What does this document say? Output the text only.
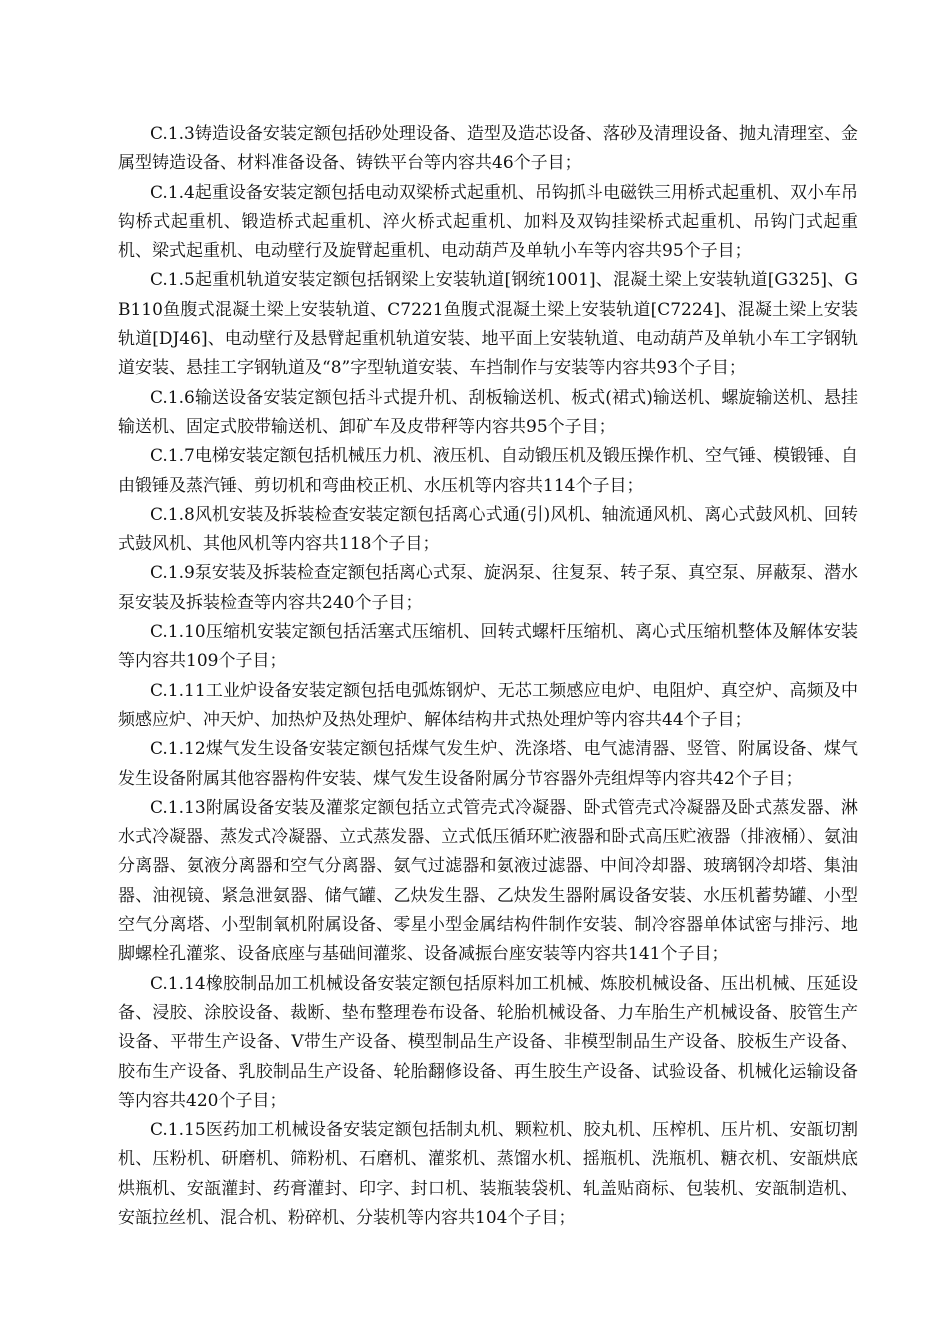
C.1.3铸造设备安装定额包括砂处理设备、造型及造芯设备、落砂及清理设备、抛丸清理室、金属型铸造设备、材料准备设备、铸铁平台等内容共46个子目；

C.1.4起重设备安装定额包括电动双梁桥式起重机、吊钩抓斗电磁铁三用桥式起重机、双小车吊钩桥式起重机、锻造桥式起重机、淬火桥式起重机、加料及双钩挂梁桥式起重机、吊钩门式起重机、梁式起重机、电动壁行及旋臂起重机、电动葫芦及单轨小车等内容共95个子目；

C.1.5起重机轨道安装定额包括钢梁上安装轨道[钢统1001]、混凝土梁上安装轨道[G325]、GB110鱼腹式混凝土梁上安装轨道、C7221鱼腹式混凝土梁上安装轨道[C7224]、混凝土梁上安装轨道[DJ46]、电动壁行及悬臂起重机轨道安装、地平面上安装轨道、电动葫芦及单轨小车工字钢轨道安装、悬挂工字钢轨道及“8”字型轨道安装、车挡制作与安装等内容共93个子目；

C.1.6输送设备安装定额包括斗式提升机、刮板输送机、板式(裙式)输送机、螺旋输送机、悬挂输送机、固定式胶带输送机、卸矿车及皮带秤等内容共95个子目；

C.1.7电梯安装定额包括机械压力机、液压机、自动锻压机及锻压操作机、空气锤、模锻锤、自由锻锤及蒸汽锤、剪切机和弯曲校正机、水压机等内容共114个子目；

C.1.8风机安装及拆装检查安装定额包括离心式通(引)风机、轴流通风机、离心式鼓风机、回转式鼓风机、其他风机等内容共118个子目；

C.1.9泵安装及拆装检查定额包括离心式泵、旋涡泵、往复泵、转子泵、真空泵、屏蔽泵、潜水泵安装及拆装检查等内容共240个子目；

C.1.10压缩机安装定额包括活塞式压缩机、回转式螺杆压缩机、离心式压缩机整体及解体安装等内容共109个子目；

C.1.11工业炉设备安装定额包括电弧炼钢炉、无芯工频感应电炉、电阻炉、真空炉、高频及中频感应炉、冲天炉、加热炉及热处理炉、解体结构井式热处理炉等内容共44个子目；

C.1.12煤气发生设备安装定额包括煤气发生炉、洗涤塔、电气滤清器、竖管、附属设备、煤气发生设备附属其他容器构件安装、煤气发生设备附属分节容器外壳组焊等内容共42个子目；

C.1.13附属设备安装及灌浆定额包括立式管壳式冷凝器、卧式管壳式冷凝器及卧式蒸发器、淋水式冷凝器、蒸发式冷凝器、立式蒸发器、立式低压循环贮液器和卧式高压贮液器（排液桶）、氨油分离器、氨液分离器和空气分离器、氨气过滤器和氨液过滤器、中间冷却器、玻璃钢冷却塔、集油器、油视镜、紧急泄氨器、储气罐、乙炔发生器、乙炔发生器附属设备安装、水压机蓄势罐、小型空气分离塔、小型制氧机附属设备、零星小型金属结构件制作安装、制冷容器单体试密与排污、地脚螺栓孔灌浆、设备底座与基础间灌浆、设备减振台座安装等内容共141个子目；

C.1.14橡胶制品加工机械设备安装定额包括原料加工机械、炼胶机械设备、压出机械、压延设备、浸胶、涂胶设备、裁断、垫布整理卷布设备、轮胎机械设备、力车胎生产机械设备、胶管生产设备、平带生产设备、V带生产设备、模型制品生产设备、非模型制品生产设备、胶板生产设备、胶布生产设备、乳胶制品生产设备、轮胎翻修设备、再生胶生产设备、试验设备、机械化运输设备等内容共420个子目；

C.1.15医药加工机械设备安装定额包括制丸机、颗粒机、胶丸机、压榨机、压片机、安瓿切割机、压粉机、研磨机、筛粉机、石磨机、灌浆机、蒸馏水机、摇瓶机、洗瓶机、糖衣机、安瓿烘底烘瓶机、安瓿灌封、药膏灌封、印字、封口机、装瓶装袋机、轧盖贴商标、包装机、安瓿制造机、安瓿拉丝机、混合机、粉碎机、分装机等内容共104个子目；
